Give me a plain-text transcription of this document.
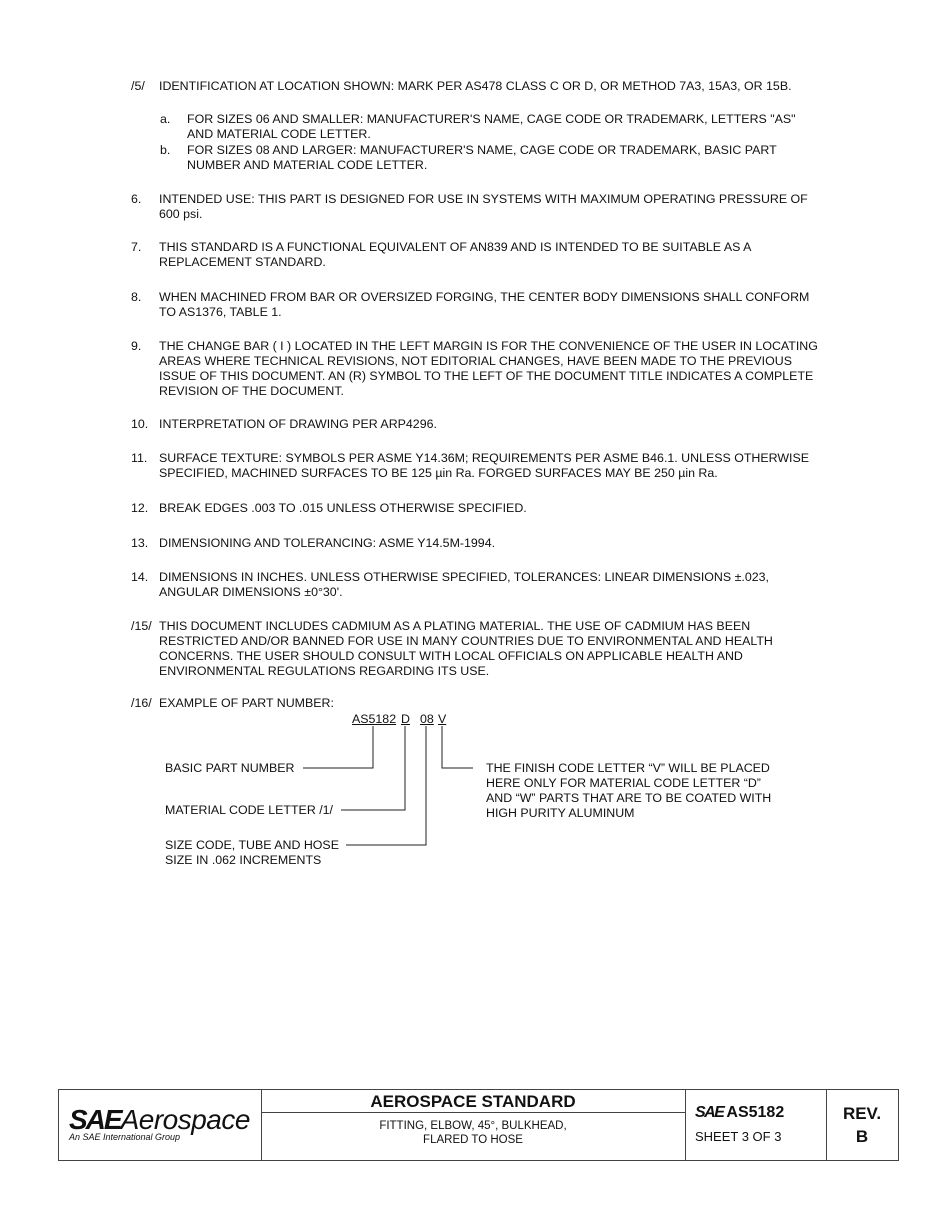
/5/ IDENTIFICATION AT LOCATION SHOWN: MARK PER AS478 CLASS C OR D, OR METHOD 7A3, 15A3, OR 15B.
a. FOR SIZES 06 AND SMALLER: MANUFACTURER'S NAME, CAGE CODE OR TRADEMARK, LETTERS "AS" AND MATERIAL CODE LETTER.
b. FOR SIZES 08 AND LARGER: MANUFACTURER'S NAME, CAGE CODE OR TRADEMARK, BASIC PART NUMBER AND MATERIAL CODE LETTER.
6. INTENDED USE: THIS PART IS DESIGNED FOR USE IN SYSTEMS WITH MAXIMUM OPERATING PRESSURE OF 600 psi.
7. THIS STANDARD IS A FUNCTIONAL EQUIVALENT OF AN839 AND IS INTENDED TO BE SUITABLE AS A REPLACEMENT STANDARD.
8. WHEN MACHINED FROM BAR OR OVERSIZED FORGING, THE CENTER BODY DIMENSIONS SHALL CONFORM TO AS1376, TABLE 1.
9. THE CHANGE BAR ( I ) LOCATED IN THE LEFT MARGIN IS FOR THE CONVENIENCE OF THE USER IN LOCATING AREAS WHERE TECHNICAL REVISIONS, NOT EDITORIAL CHANGES, HAVE BEEN MADE TO THE PREVIOUS ISSUE OF THIS DOCUMENT. AN (R) SYMBOL TO THE LEFT OF THE DOCUMENT TITLE INDICATES A COMPLETE REVISION OF THE DOCUMENT.
10. INTERPRETATION OF DRAWING PER ARP4296.
11. SURFACE TEXTURE: SYMBOLS PER ASME Y14.36M; REQUIREMENTS PER ASME B46.1. UNLESS OTHERWISE SPECIFIED, MACHINED SURFACES TO BE 125 µin Ra. FORGED SURFACES MAY BE 250 µin Ra.
12. BREAK EDGES .003 TO .015 UNLESS OTHERWISE SPECIFIED.
13. DIMENSIONING AND TOLERANCING: ASME Y14.5M-1994.
14. DIMENSIONS IN INCHES. UNLESS OTHERWISE SPECIFIED, TOLERANCES: LINEAR DIMENSIONS ±.023, ANGULAR DIMENSIONS ±0°30'.
/15/ THIS DOCUMENT INCLUDES CADMIUM AS A PLATING MATERIAL. THE USE OF CADMIUM HAS BEEN RESTRICTED AND/OR BANNED FOR USE IN MANY COUNTRIES DUE TO ENVIRONMENTAL AND HEALTH CONCERNS. THE USER SHOULD CONSULT WITH LOCAL OFFICIALS ON APPLICABLE HEALTH AND ENVIRONMENTAL REGULATIONS REGARDING ITS USE.
/16/ EXAMPLE OF PART NUMBER:
AS5182 D 08 V
BASIC PART NUMBER
MATERIAL CODE LETTER /1/
SIZE CODE, TUBE AND HOSE
SIZE IN .062 INCREMENTS
THE FINISH CODE LETTER “V” WILL BE PLACED
HERE ONLY FOR MATERIAL CODE LETTER “D”
AND “W” PARTS THAT ARE TO BE COATED WITH
HIGH PURITY ALUMINUM
SAEAerospace
An SAE International Group
AEROSPACE STANDARD
FITTING, ELBOW, 45°, BULKHEAD,
FLARED TO HOSE
SAE AS5182
SHEET 3 OF 3
REV.
B
